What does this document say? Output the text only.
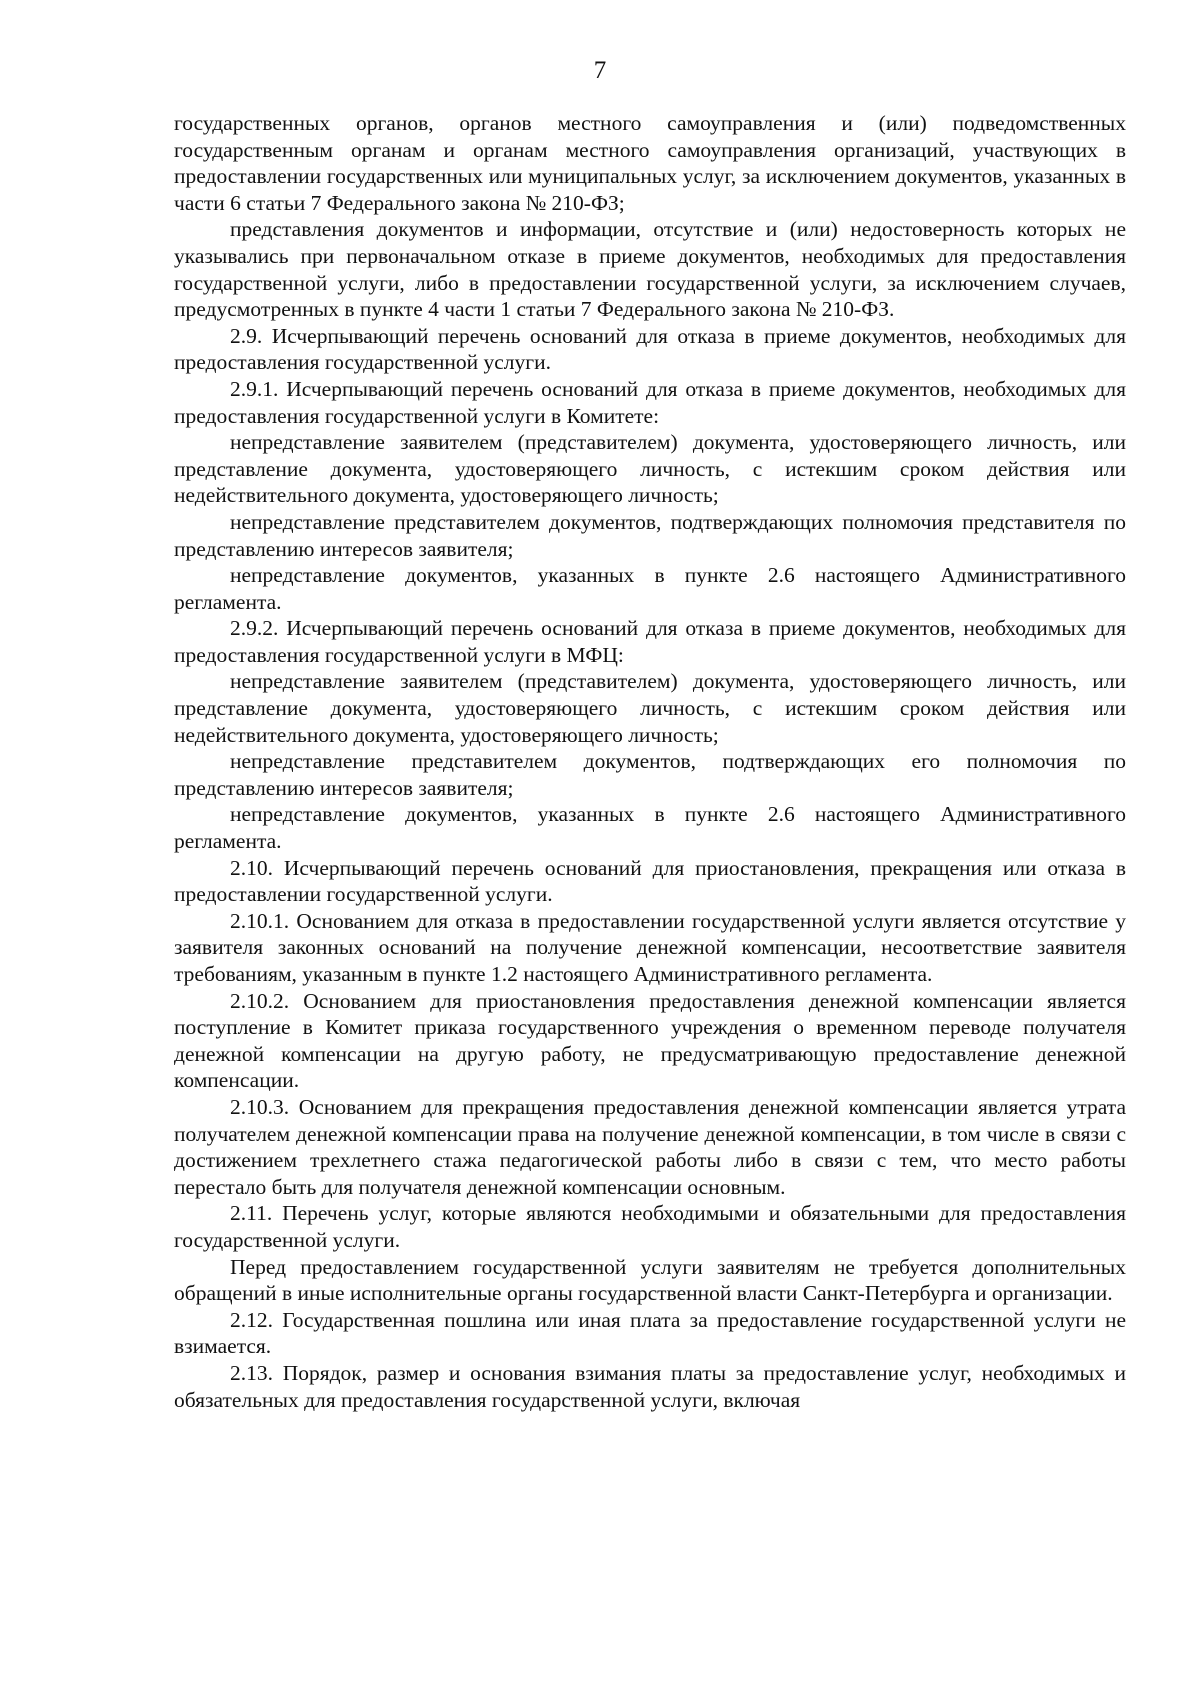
7

государственных органов, органов местного самоуправления и (или) подведомственных государственным органам и органам местного самоуправления организаций, участвующих в предоставлении государственных или муниципальных услуг, за исключением документов, указанных в части 6 статьи 7 Федерального закона № 210-ФЗ;

представления документов и информации, отсутствие и (или) недостоверность которых не указывались при первоначальном отказе в приеме документов, необходимых для предоставления государственной услуги, либо в предоставлении государственной услуги, за исключением случаев, предусмотренных в пункте 4 части 1 статьи 7 Федерального закона № 210-ФЗ.

2.9. Исчерпывающий перечень оснований для отказа в приеме документов, необходимых для предоставления государственной услуги.

2.9.1. Исчерпывающий перечень оснований для отказа в приеме документов, необходимых для предоставления государственной услуги в Комитете:

непредставление заявителем (представителем) документа, удостоверяющего личность, или представление документа, удостоверяющего личность, с истекшим сроком действия или недействительного документа, удостоверяющего личность;

непредставление представителем документов, подтверждающих полномочия представителя по представлению интересов заявителя;

непредставление документов, указанных в пункте 2.6 настоящего Административного регламента.

2.9.2. Исчерпывающий перечень оснований для отказа в приеме документов, необходимых для предоставления государственной услуги в МФЦ:

непредставление заявителем (представителем) документа, удостоверяющего личность, или представление документа, удостоверяющего личность, с истекшим сроком действия или недействительного документа, удостоверяющего личность;

непредставление представителем документов, подтверждающих его полномочия по представлению интересов заявителя;

непредставление документов, указанных в пункте 2.6 настоящего Административного регламента.

2.10. Исчерпывающий перечень оснований для приостановления, прекращения или отказа в предоставлении государственной услуги.

2.10.1. Основанием для отказа в предоставлении государственной услуги является отсутствие у заявителя законных оснований на получение денежной компенсации, несоответствие заявителя требованиям, указанным в пункте 1.2 настоящего Административного регламента.

2.10.2. Основанием для приостановления предоставления денежной компенсации является поступление в Комитет приказа государственного учреждения о временном переводе получателя денежной компенсации на другую работу, не предусматривающую предоставление денежной компенсации.

2.10.3. Основанием для прекращения предоставления денежной компенсации является утрата получателем денежной компенсации права на получение денежной компенсации, в том числе в связи с достижением трехлетнего стажа педагогической работы либо в связи с тем, что место работы перестало быть для получателя денежной компенсации основным.

2.11. Перечень услуг, которые являются необходимыми и обязательными для предоставления государственной услуги.

Перед предоставлением государственной услуги заявителям не требуется дополнительных обращений в иные исполнительные органы государственной власти Санкт-Петербурга и организации.

2.12. Государственная пошлина или иная плата за предоставление государственной услуги не взимается.

2.13. Порядок, размер и основания взимания платы за предоставление услуг, необходимых и обязательных для предоставления государственной услуги, включая
